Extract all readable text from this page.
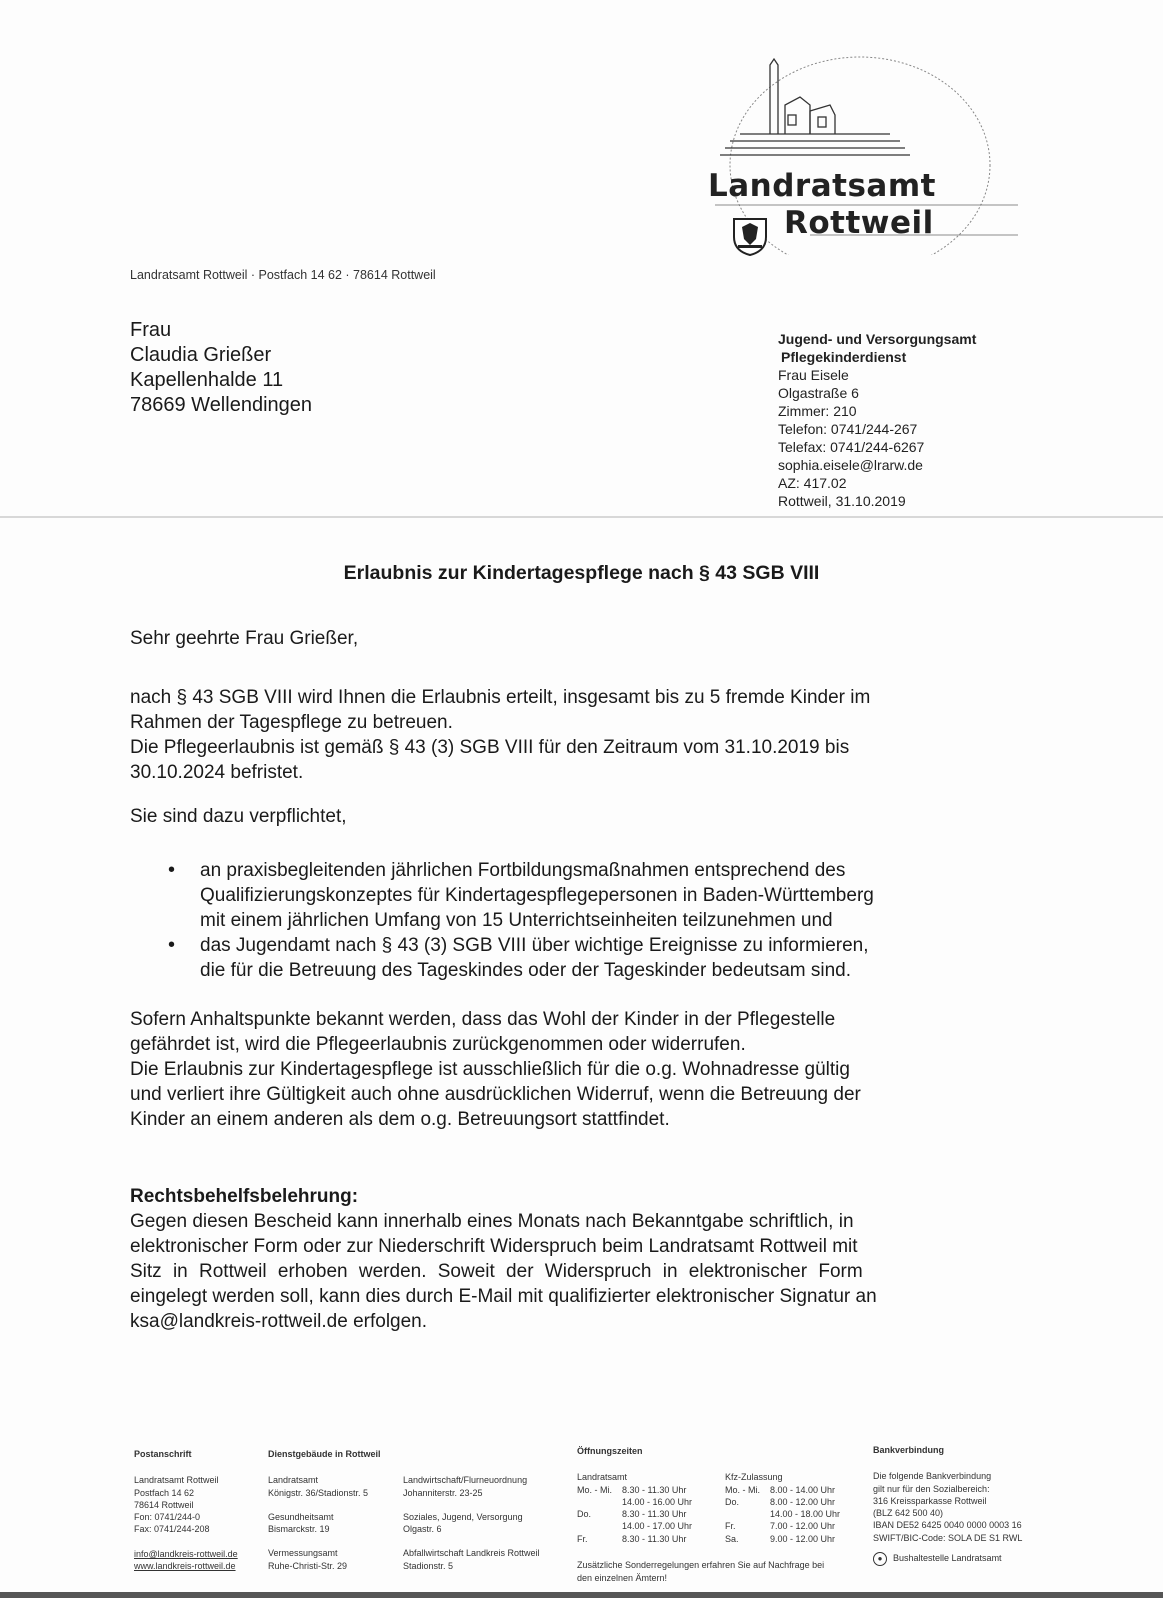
Landratsamt
Rottweil
Landratsamt Rottweil · Postfach 14 62 · 78614 Rottweil
Frau
Claudia Grießer
Kapellenhalde 11
78669 Wellendingen
Jugend- und Versorgungsamt
Pflegekinderdienst
Frau Eisele
Olgastraße 6
Zimmer: 210
Telefon: 0741/244-267
Telefax: 0741/244-6267
sophia.eisele@lrarw.de
AZ: 417.02
Rottweil, 31.10.2019
Erlaubnis zur Kindertagespflege nach § 43 SGB VIII
Sehr geehrte Frau Grießer,

nach § 43 SGB VIII wird Ihnen die Erlaubnis erteilt, insgesamt bis zu 5 fremde Kinder im

Rahmen der Tagespflege zu betreuen.

Die Pflegeerlaubnis ist gemäß § 43 (3) SGB VIII für den Zeitraum vom 31.10.2019 bis

30.10.2024 befristet.

Sie sind dazu verpflichtet,
• an praxisbegleitenden jährlichen Fortbildungsmaßnahmen entsprechend des
Qualifizierungskonzeptes für Kindertagespflegepersonen in Baden-Württemberg
mit einem jährlichen Umfang von 15 Unterrichtseinheiten teilzunehmen und
• das Jugendamt nach § 43 (3) SGB VIII über wichtige Ereignisse zu informieren,
die für die Betreuung des Tageskindes oder der Tageskinder bedeutsam sind.

Sofern Anhaltspunkte bekannt werden, dass das Wohl der Kinder in der Pflegestelle

gefährdet ist, wird die Pflegeerlaubnis zurückgenommen oder widerrufen.

Die Erlaubnis zur Kindertagespflege ist ausschließlich für die o.g. Wohnadresse gültig

und verliert ihre Gültigkeit auch ohne ausdrücklichen Widerruf, wenn die Betreuung der

Kinder an einem anderen als dem o.g. Betreuungsort stattfindet.

Rechtsbehelfsbelehrung:

Gegen diesen Bescheid kann innerhalb eines Monats nach Bekanntgabe schriftlich, in

elektronischer Form oder zur Niederschrift Widerspruch beim Landratsamt Rottweil mit

Sitz in Rottweil erhoben werden. Soweit der Widerspruch in elektronischer Form

eingelegt werden soll, kann dies durch E-Mail mit qualifizierter elektronischer Signatur an

ksa@landkreis-rottweil.de erfolgen.

Postanschrift
Landratsamt Rottweil
Postfach 14 62
78614 Rottweil
Fon: 0741/244-0
Fax: 0741/244-208
info@landkreis-rottweil.de
www.landkreis-rottweil.de
Dienstgebäude in Rottweil
Landratsamt
Königstr. 36/Stadionstr. 5
Gesundheitsamt
Bismarckstr. 19
Vermessungsamt
Ruhe-Christi-Str. 29
Landwirtschaft/Flurneuordnung
Johanniterstr. 23-25
Soziales, Jugend, Versorgung
Olgastr. 6
Abfallwirtschaft Landkreis Rottweil
Stadionstr. 5
Öffnungszeiten
Landratsamt
Mo. - Mi. 8.30 - 11.30 Uhr
14.00 - 16.00 Uhr
Do.	8.30 - 11.30 Uhr
14.00 - 17.00 Uhr
Fr.	8.30 - 11.30 Uhr
Kfz-Zulassung
Mo. - Mi. 8.00 - 14.00 Uhr
Do.	8.00 - 12.00 Uhr
14.00 - 18.00 Uhr
Fr.	7.00 - 12.00 Uhr
Sa.	9.00 - 12.00 Uhr
Zusätzliche Sonderregelungen erfahren Sie auf Nachfrage bei
den einzelnen Ämtern!
Bankverbindung
Die folgende Bankverbindung
gilt nur für den Sozialbereich:
316 Kreissparkasse Rottweil
(BLZ 642 500 40)
IBAN DE52 6425 0040 0000 0003 16
SWIFT/BIC-Code: SOLA DE S1 RWL
● Bushaltestelle Landratsamt
